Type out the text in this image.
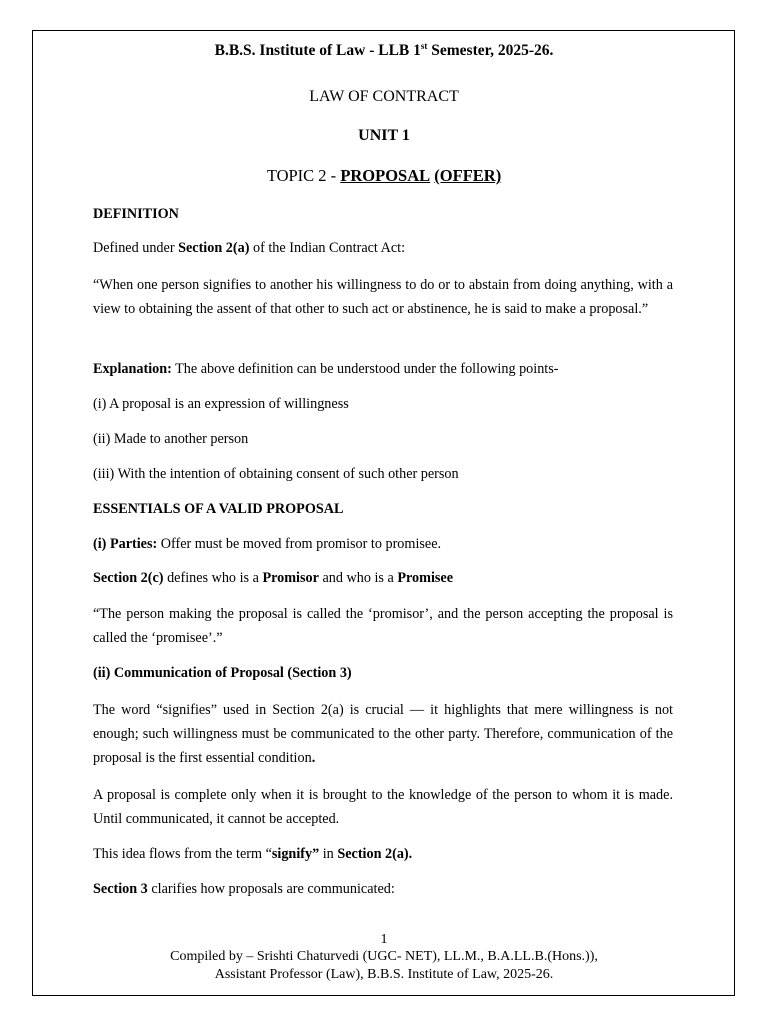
B.B.S. Institute of Law - LLB 1st Semester, 2025-26.
LAW OF CONTRACT
UNIT 1
TOPIC 2 - PROPOSAL (OFFER)
DEFINITION
Defined under Section 2(a) of the Indian Contract Act:
“When one person signifies to another his willingness to do or to abstain from doing anything, with a view to obtaining the assent of that other to such act or abstinence, he is said to make a proposal.”
Explanation: The above definition can be understood under the following points-
(i) A proposal is an expression of willingness
(ii) Made to another person
(iii) With the intention of obtaining consent of such other person
ESSENTIALS OF A VALID PROPOSAL
(i) Parties: Offer must be moved from promisor to promisee.
Section 2(c) defines who is a Promisor and who is a Promisee
“The person making the proposal is called the ‘promisor’, and the person accepting the proposal is called the ‘promisee’.”
(ii) Communication of Proposal (Section 3)
The word “signifies” used in Section 2(a) is crucial — it highlights that mere willingness is not enough; such willingness must be communicated to the other party. Therefore, communication of the proposal is the first essential condition.
A proposal is complete only when it is brought to the knowledge of the person to whom it is made. Until communicated, it cannot be accepted.
This idea flows from the term “signify” in Section 2(a).
Section 3 clarifies how proposals are communicated:
1
Compiled by – Srishti Chaturvedi (UGC- NET), LL.M., B.A.LL.B.(Hons.)),
Assistant Professor (Law), B.B.S. Institute of Law, 2025-26.
